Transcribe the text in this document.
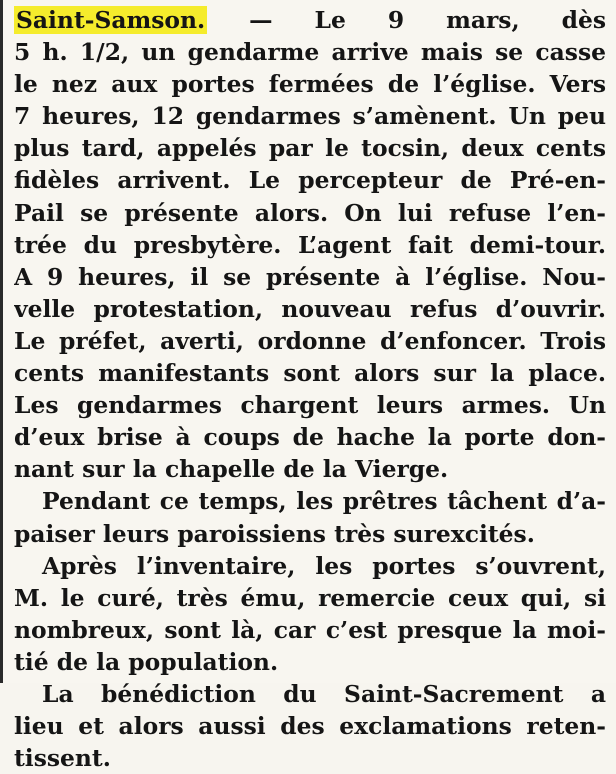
Saint-Samson. — Le 9 mars, dès
5 h. 1/2, un gendarme arrive mais se casse
le nez aux portes fermées de l’église. Vers
7 heures, 12 gendarmes s’amènent. Un peu
plus tard, appelés par le tocsin, deux cents
fidèles arrivent. Le percepteur de Pré-en-
Pail se présente alors. On lui refuse l’en-
trée du presbytère. L’agent fait demi-tour.
A 9 heures, il se présente à l’église. Nou-
velle protestation, nouveau refus d’ouvrir.
Le préfet, averti, ordonne d’enfoncer. Trois
cents manifestants sont alors sur la place.
Les gendarmes chargent leurs armes. Un
d’eux brise à coups de hache la porte don-
nant sur la chapelle de la Vierge.
Pendant ce temps, les prêtres tâchent d’a-
paiser leurs paroissiens très surexcités.
Après l’inventaire, les portes s’ouvrent,
M. le curé, très ému, remercie ceux qui, si
nombreux, sont là, car c’est presque la moi-
tié de la population.
La bénédiction du Saint-Sacrement a
lieu et alors aussi des exclamations reten-
tissent.
